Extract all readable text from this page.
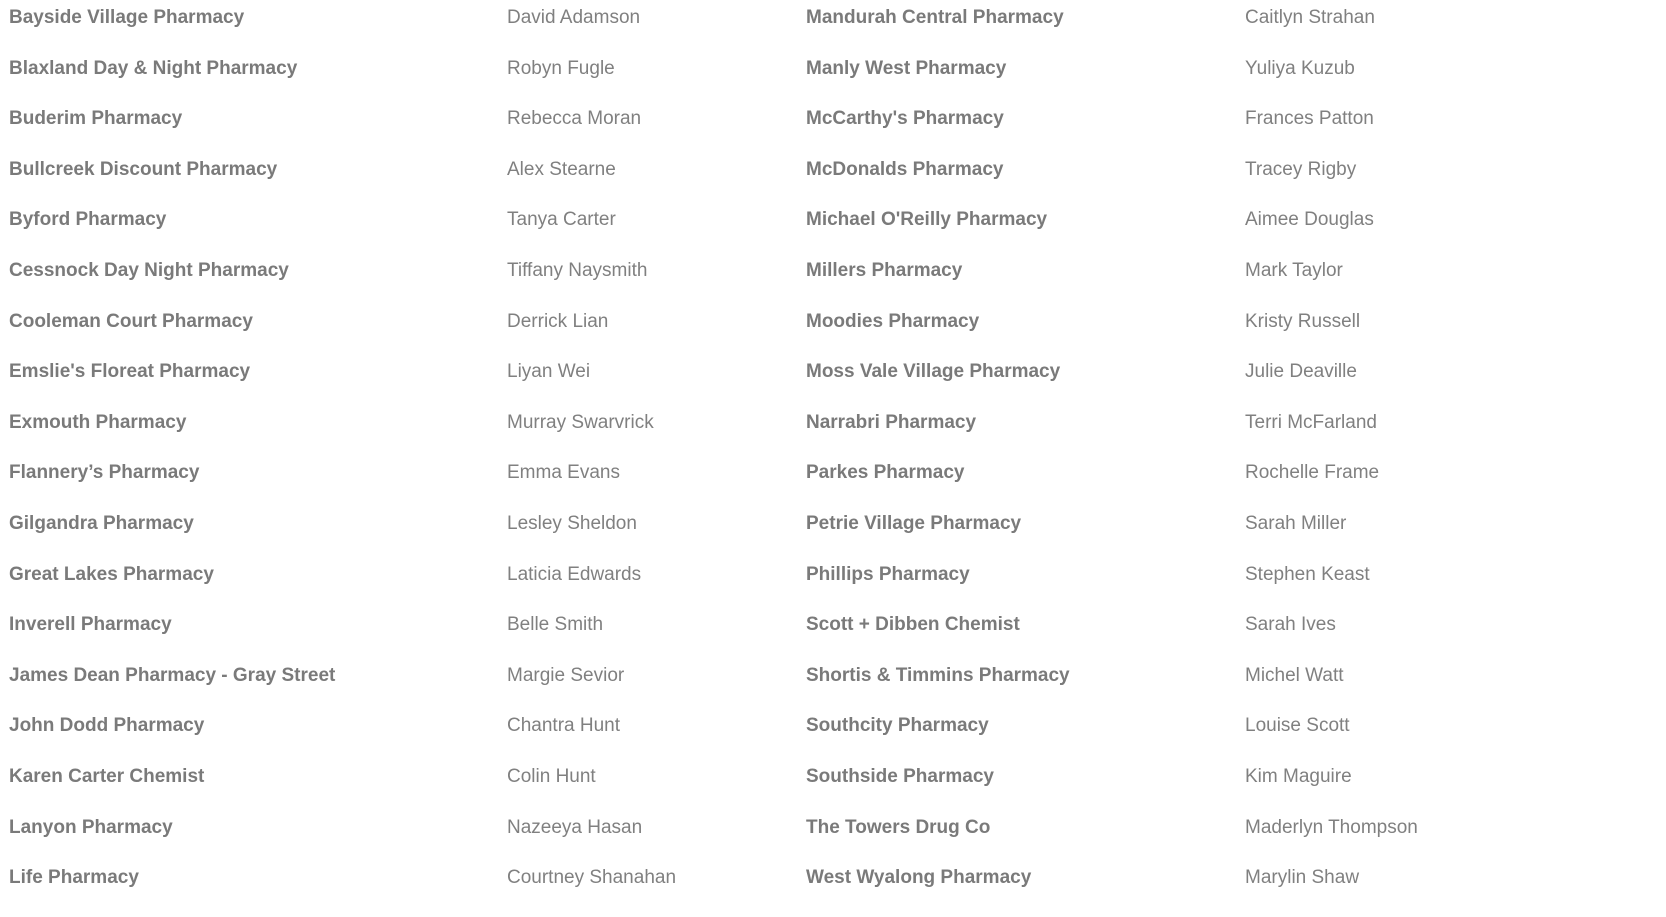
Bayside Village Pharmacy	David Adamson	Mandurah Central Pharmacy	Caitlyn Strahan
Blaxland Day & Night Pharmacy	Robyn Fugle	Manly West Pharmacy	Yuliya Kuzub
Buderim Pharmacy	Rebecca Moran	McCarthy's Pharmacy	Frances Patton
Bullcreek Discount Pharmacy	Alex Stearne	McDonalds Pharmacy	Tracey Rigby
Byford Pharmacy	Tanya Carter	Michael O'Reilly Pharmacy	Aimee Douglas
Cessnock Day Night Pharmacy	Tiffany Naysmith	Millers Pharmacy	Mark Taylor
Cooleman Court Pharmacy	Derrick Lian	Moodies Pharmacy	Kristy Russell
Emslie's Floreat Pharmacy	Liyan Wei	Moss Vale Village Pharmacy	Julie Deaville
Exmouth Pharmacy	Murray Swarvrick	Narrabri Pharmacy	Terri McFarland
Flannery’s Pharmacy	Emma Evans	Parkes Pharmacy	Rochelle Frame
Gilgandra Pharmacy	Lesley Sheldon	Petrie Village Pharmacy	Sarah Miller
Great Lakes Pharmacy	Laticia Edwards	Phillips Pharmacy	Stephen Keast
Inverell Pharmacy	Belle Smith	Scott + Dibben Chemist	Sarah Ives
James Dean Pharmacy - Gray Street	Margie Sevior	Shortis & Timmins Pharmacy	Michel Watt
John Dodd Pharmacy	Chantra Hunt	Southcity Pharmacy	Louise Scott
Karen Carter Chemist	Colin Hunt	Southside Pharmacy	Kim Maguire
Lanyon Pharmacy	Nazeeya Hasan	The Towers Drug Co	Maderlyn Thompson
Life Pharmacy	Courtney Shanahan	West Wyalong Pharmacy	Marylin Shaw
